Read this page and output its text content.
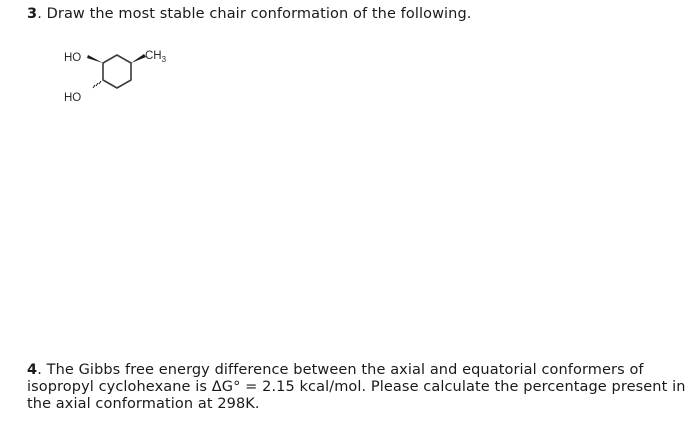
3. Draw the most stable chair conformation of the following.
HO	$CH_3$
HO
4. The Gibbs free energy difference between the axial and equatorial conformers of
isopropyl cyclohexane is ΔG° = 2.15 kcal/mol. Please calculate the percentage present in
the axial conformation at 298K.
